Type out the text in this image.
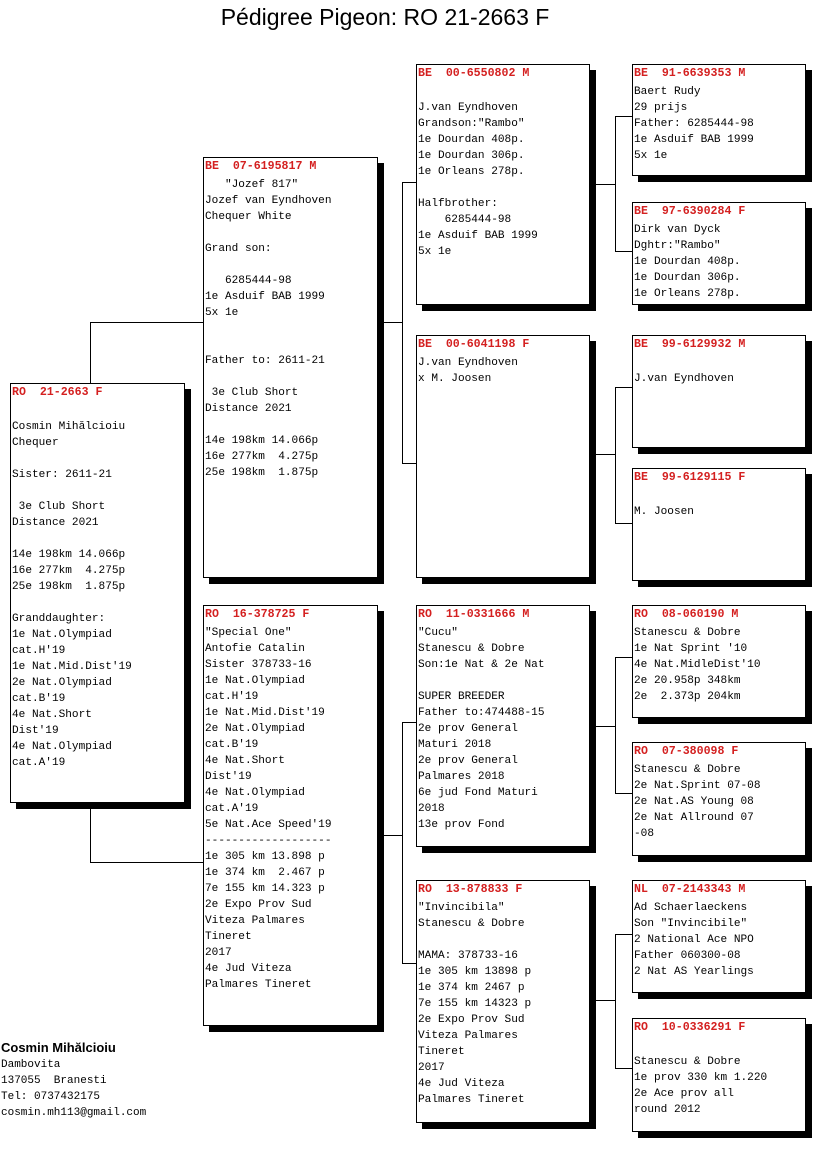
Pédigree Pigeon: RO 21-2663 F
RO  21-2663 F

Cosmin Mihălcioiu
Chequer

Sister: 2611-21

3e Club Short
Distance 2021

14e 198km 14.066p
16e 277km  4.275p
25e 198km  1.875p

Granddaughter:
1e Nat.Olympiad
cat.H'19
1e Nat.Mid.Dist'19
2e Nat.Olympiad
cat.B'19
4e Nat.Short
Dist'19
4e Nat.Olympiad
cat.A'19
BE  07-6195817 M
"Jozef 817"
Jozef van Eyndhoven
Chequer White

Grand son:

6285444-98
1e Asduif BAB 1999
5x 1e

Father to: 2611-21

3e Club Short
Distance 2021

14e 198km 14.066p
16e 277km  4.275p
25e 198km  1.875p
RO  16-378725 F
"Special One"
Antofie Catalin
Sister 378733-16
1e Nat.Olympiad
cat.H'19
1e Nat.Mid.Dist'19
2e Nat.Olympiad
cat.B'19
4e Nat.Short
Dist'19
4e Nat.Olympiad
cat.A'19
5e Nat.Ace Speed'19
-------------------
1e 305 km 13.898 p
1e 374 km  2.467 p
7e 155 km 14.323 p
2e Expo Prov Sud
Viteza Palmares
Tineret
2017
4e Jud Viteza
Palmares Tineret
BE  00-6550802 M

J.van Eyndhoven
Grandson:"Rambo"
1e Dourdan 408p.
1e Dourdan 306p.
1e Orleans 278p.

Halfbrother:
6285444-98
1e Asduif BAB 1999
5x 1e
BE  00-6041198 F
J.van Eyndhoven
x M. Joosen
RO  11-0331666 M
"Cucu"
Stanescu & Dobre
Son:1e Nat & 2e Nat

SUPER BREEDER
Father to:474488-15
2e prov General
Maturi 2018
2e prov General
Palmares 2018
6e jud Fond Maturi
2018
13e prov Fond
RO  13-878833 F
"Invincibila"
Stanescu & Dobre

MAMA: 378733-16
1e 305 km 13898 p
1e 374 km 2467 p
7e 155 km 14323 p
2e Expo Prov Sud
Viteza Palmares
Tineret
2017
4e Jud Viteza
Palmares Tineret
BE  91-6639353 M
Baert Rudy
29 prijs
Father: 6285444-98
1e Asduif BAB 1999
5x 1e
BE  97-6390284 F
Dirk van Dyck
Dghtr:"Rambo"
1e Dourdan 408p.
1e Dourdan 306p.
1e Orleans 278p.
BE  99-6129932 M

J.van Eyndhoven
BE  99-6129115 F

M. Joosen
RO  08-060190 M
Stanescu & Dobre
1e Nat Sprint '10
4e Nat.MidleDist'10
2e 20.958p 348km
2e  2.373p 204km
RO  07-380098 F
Stanescu & Dobre
2e Nat.Sprint 07-08
2e Nat.AS Young 08
2e Nat Allround 07
-08
NL  07-2143343 M
Ad Schaerlaeckens
Son "Invincibile"
2 National Ace NPO
Father 060300-08
2 Nat AS Yearlings
RO  10-0336291 F

Stanescu & Dobre
1e prov 330 km 1.220
2e Ace prov all
round 2012
Cosmin Mihălcioiu
Dambovita
137055  Branesti
Tel: 0737432175
cosmin.mh113@gmail.com
